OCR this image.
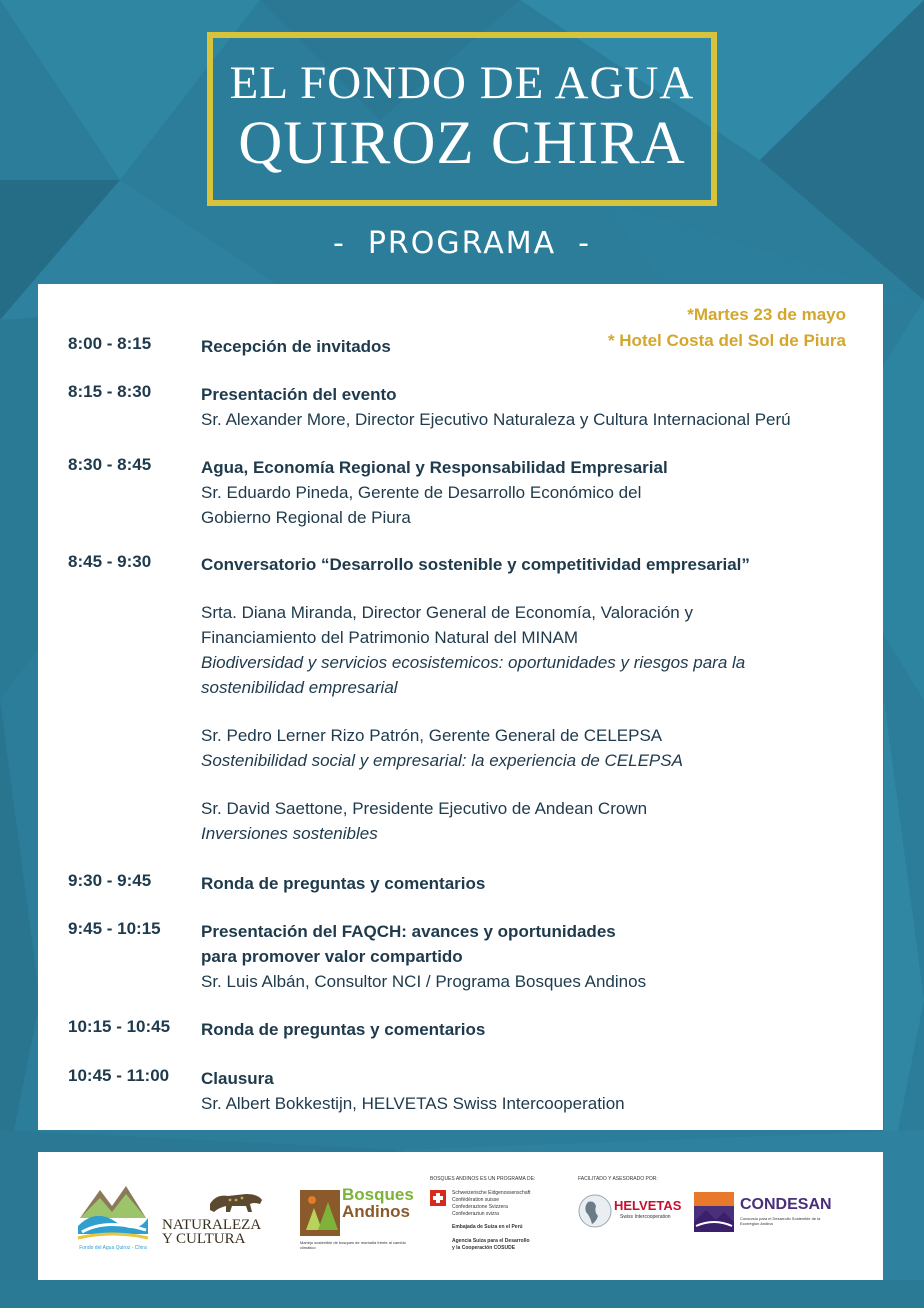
EL FONDO DE AGUA
QUIROZ CHIRA
- PROGRAMA -
*Martes 23 de mayo
* Hotel Costa del Sol de Piura
8:00 - 8:15	Recepción de invitados
8:15 - 8:30	Presentación del evento
Sr. Alexander More, Director Ejecutivo Naturaleza y Cultura Internacional Perú
8:30 - 8:45	Agua, Economía Regional y Responsabilidad Empresarial
Sr. Eduardo Pineda, Gerente de Desarrollo Económico del
Gobierno Regional de Piura
8:45 - 9:30	Conversatorio “Desarrollo sostenible y competitividad empresarial”
Srta. Diana Miranda, Director General de Economía, Valoración y
Financiamiento del Patrimonio Natural del MINAM
Biodiversidad y servicios ecosistemicos: oportunidades y riesgos para la
sostenibilidad empresarial
Sr. Pedro Lerner Rizo Patrón, Gerente General de CELEPSA
Sostenibilidad social y empresarial: la experiencia de CELEPSA
Sr. David Saettone, Presidente Ejecutivo de Andean Crown
Inversiones sostenibles
9:30 - 9:45	Ronda de preguntas y comentarios
9:45 - 10:15	Presentación del FAQCH: avances y oportunidades
para promover valor compartido
Sr. Luis Albán, Consultor NCI / Programa Bosques Andinos
10:15 - 10:45	Ronda de preguntas y comentarios
10:45 - 11:00	Clausura
Sr. Albert Bokkestijn, HELVETAS Swiss Intercooperation
Fondo del Agua Quiroz - Chira
NATURALEZA
Y CULTURA
Bosques
Andinos
Manejo sostenible de bosques de montaña frente al cambio climático
BOSQUES ANDINOS ES UN PROGRAMA DE:
Schweizerische Eidgenossenschaft
Confédération suisse
Confederazione Svizzera
Confederaziun svizra
Embajada de Suiza en el Perú
Agencia Suiza para el Desarrollo
y la Cooperación COSUDE
FACILITADO Y ASESORADO POR:
HELVETAS
Swiss Intercooperation
CONDESAN
Consorcio para el Desarrollo Sostenible de la Ecorregión Andina
